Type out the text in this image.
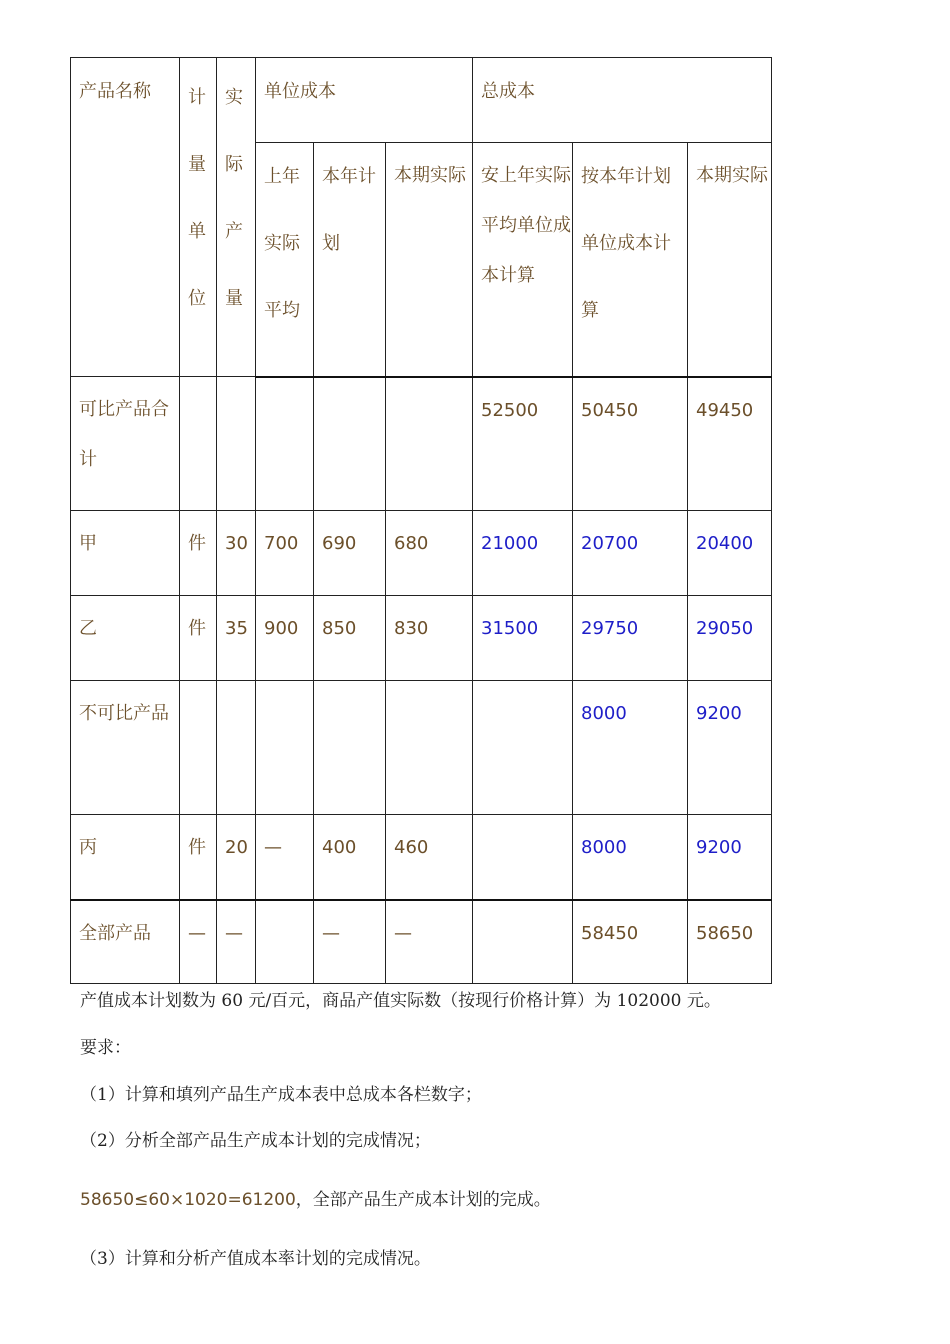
产品名称	计量单位	实际产量	单位成本			总成本		
			上年实际平均	本年计划	本期实际	安上年实际平均单位成本计算	按本年计划单位成本计算	本期实际
可比产品合计						52500	50450	49450
甲	件	30	700	690	680	21000	20700	20400
乙	件	35	900	850	830	31500	29750	29050
不可比产品							8000	9200
丙	件	20	—	400	460		8000	9200
全部产品	—	—		—	—		58450	58650
产值成本计划数为 60 元/百元，商品产值实际数（按现行价格计算）为 102000 元。
要求：
（1）计算和填列产品生产成本表中总成本各栏数字；
（2）分析全部产品生产成本计划的完成情况；
58650≤60×1020=61200，全部产品生产成本计划的完成。
（3）计算和分析产值成本率计划的完成情况。
